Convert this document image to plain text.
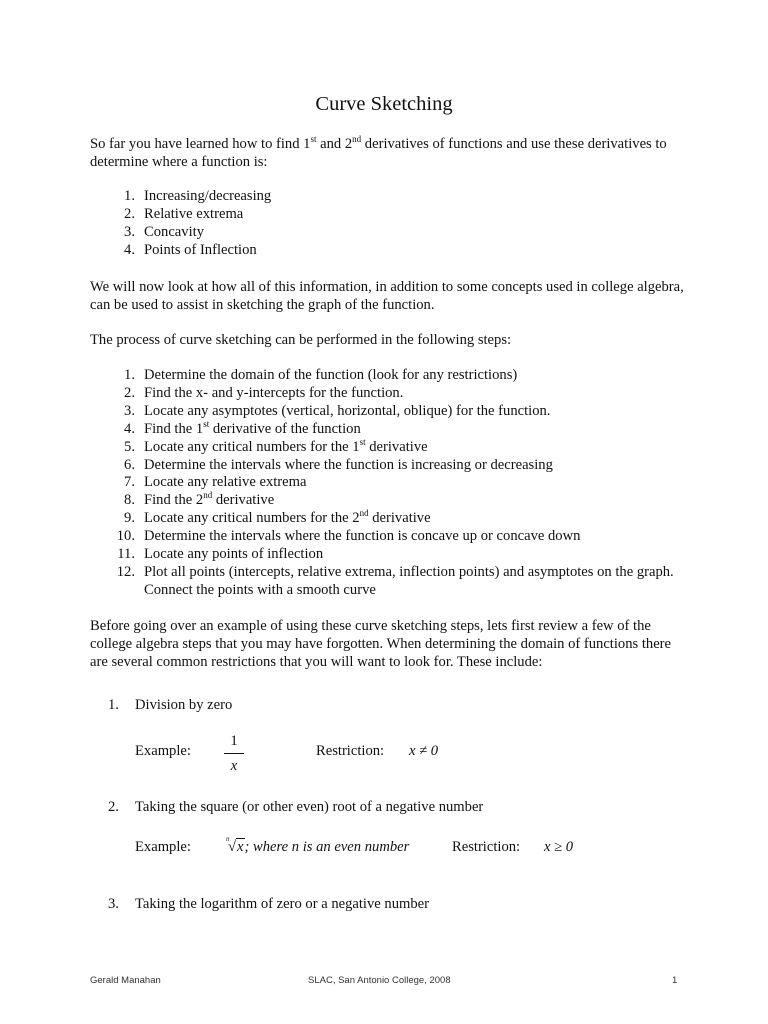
Curve Sketching
So far you have learned how to find 1st and 2nd derivatives of functions and use these derivatives to determine where a function is:
1. Increasing/decreasing
2. Relative extrema
3. Concavity
4. Points of Inflection
We will now look at how all of this information, in addition to some concepts used in college algebra, can be used to assist in sketching the graph of the function.
The process of curve sketching can be performed in the following steps:
1. Determine the domain of the function (look for any restrictions)
2. Find the x- and y-intercepts for the function.
3. Locate any asymptotes (vertical, horizontal, oblique) for the function.
4. Find the 1st derivative of the function
5. Locate any critical numbers for the 1st derivative
6. Determine the intervals where the function is increasing or decreasing
7. Locate any relative extrema
8. Find the 2nd derivative
9. Locate any critical numbers for the 2nd derivative
10. Determine the intervals where the function is concave up or concave down
11. Locate any points of inflection
12. Plot all points (intercepts, relative extrema, inflection points) and asymptotes on the graph. Connect the points with a smooth curve
Before going over an example of using these curve sketching steps, lets first review a few of the college algebra steps that you may have forgotten. When determining the domain of functions there are several common restrictions that you will want to look for. These include:
1. Division by zero
Example:
1
x
Restriction: x ≠ 0
2. Taking the square (or other even) root of a negative number
Example:	n
√x; where n is an even number	Restriction: x ≥ 0
3. Taking the logarithm of zero or a negative number
Gerald Manahan	SLAC, San Antonio College, 2008	1
